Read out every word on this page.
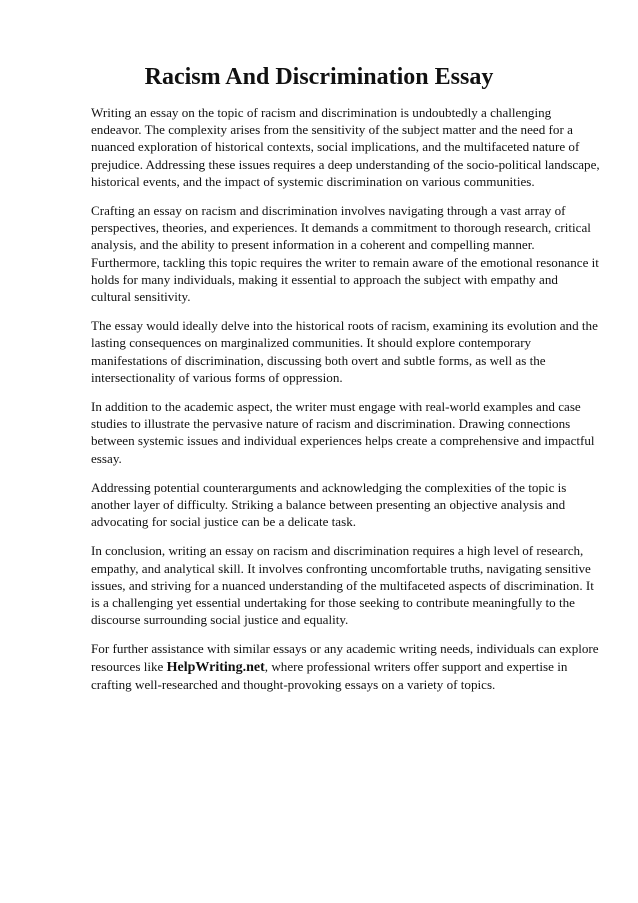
Racism And Discrimination Essay

Writing an essay on the topic of racism and discrimination is undoubtedly a challenging endeavor. The complexity arises from the sensitivity of the subject matter and the need for a nuanced exploration of historical contexts, social implications, and the multifaceted nature of prejudice. Addressing these issues requires a deep understanding of the socio-political landscape, historical events, and the impact of systemic discrimination on various communities.

Crafting an essay on racism and discrimination involves navigating through a vast array of perspectives, theories, and experiences. It demands a commitment to thorough research, critical analysis, and the ability to present information in a coherent and compelling manner. Furthermore, tackling this topic requires the writer to remain aware of the emotional resonance it holds for many individuals, making it essential to approach the subject with empathy and cultural sensitivity.

The essay would ideally delve into the historical roots of racism, examining its evolution and the lasting consequences on marginalized communities. It should explore contemporary manifestations of discrimination, discussing both overt and subtle forms, as well as the intersectionality of various forms of oppression.

In addition to the academic aspect, the writer must engage with real-world examples and case studies to illustrate the pervasive nature of racism and discrimination. Drawing connections between systemic issues and individual experiences helps create a comprehensive and impactful essay.

Addressing potential counterarguments and acknowledging the complexities of the topic is another layer of difficulty. Striking a balance between presenting an objective analysis and advocating for social justice can be a delicate task.

In conclusion, writing an essay on racism and discrimination requires a high level of research, empathy, and analytical skill. It involves confronting uncomfortable truths, navigating sensitive issues, and striving for a nuanced understanding of the multifaceted aspects of discrimination. It is a challenging yet essential undertaking for those seeking to contribute meaningfully to the discourse surrounding social justice and equality.

For further assistance with similar essays or any academic writing needs, individuals can explore resources like HelpWriting.net, where professional writers offer support and expertise in crafting well-researched and thought-provoking essays on a variety of topics.
